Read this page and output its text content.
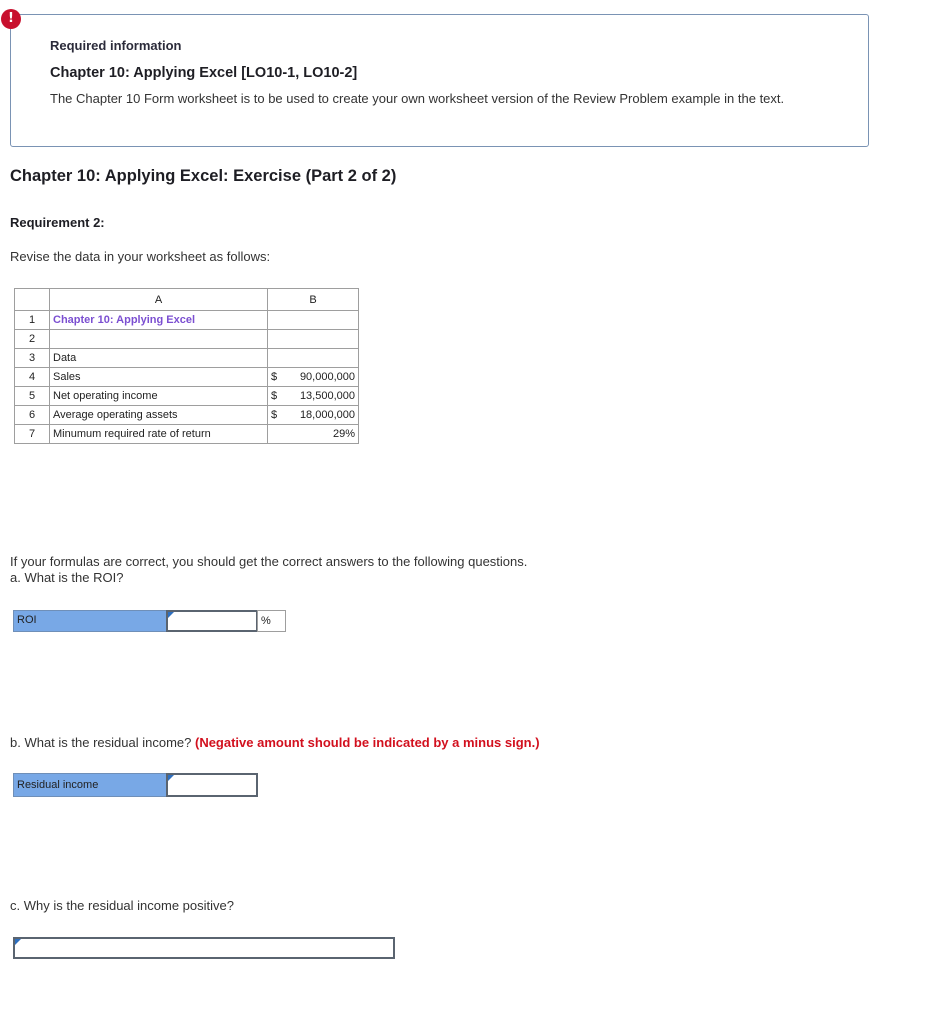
!
Required information
Chapter 10: Applying Excel [LO10-1, LO10-2]
The Chapter 10 Form worksheet is to be used to create your own worksheet version of the Review Problem example in the text.
Chapter 10: Applying Excel: Exercise (Part 2 of 2)
Requirement 2:
Revise the data in your worksheet as follows:
	A	B
1	Chapter 10: Applying Excel	
2		
3	Data	
4	Sales	$ 90,000,000

5	Net operating income	$ 13,500,000

6	Average operating assets	$ 18,000,000

7	Minumum required rate of return	29%
If your formulas are correct, you should get the correct answers to the following questions.
a. What is the ROI?
ROI	%
b. What is the residual income? (Negative amount should be indicated by a minus sign.)
Residual income
c. Why is the residual income positive?
